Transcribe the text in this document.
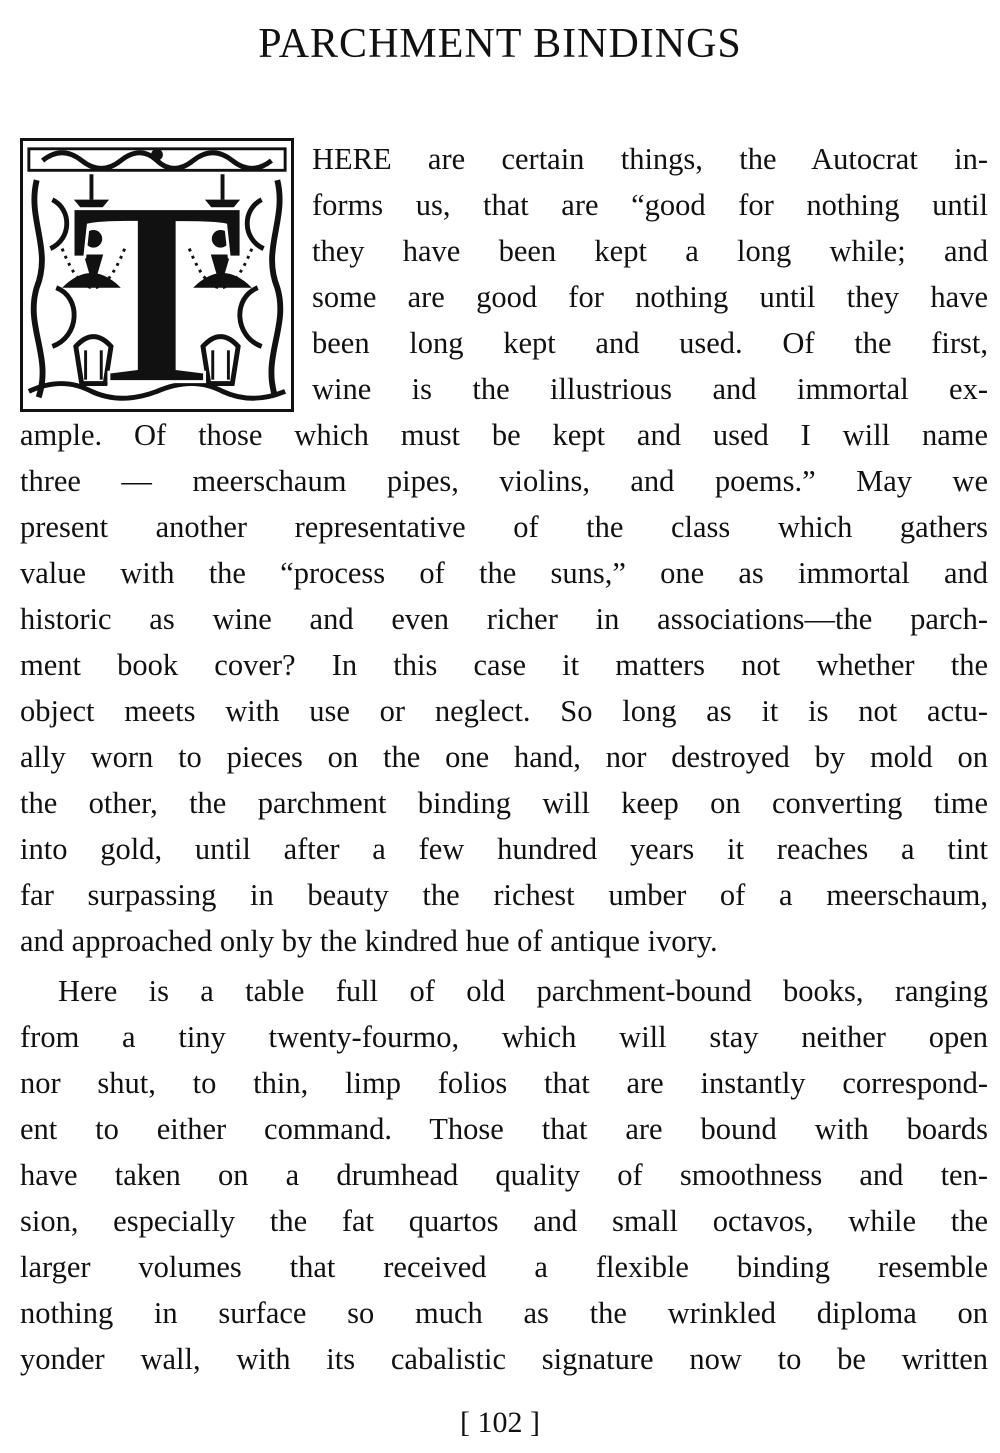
PARCHMENT BINDINGS
T HERE are certain things, the Autocrat in-
forms us, that are “good for nothing until
they have been kept a long while; and
some are good for nothing until they have
been long kept and used. Of the first,
wine is the illustrious and immortal ex-
ample. Of those which must be kept and used I will name
three — meerschaum pipes, violins, and poems.” May we
present another representative of the class which gathers
value with the “process of the suns,” one as immortal and
historic as wine and even richer in associations—the parch-
ment book cover? In this case it matters not whether the
object meets with use or neglect. So long as it is not actu-
ally worn to pieces on the one hand, nor destroyed by mold on
the other, the parchment binding will keep on converting time
into gold, until after a few hundred years it reaches a tint
far surpassing in beauty the richest umber of a meerschaum,
and approached only by the kindred hue of antique ivory.
Here is a table full of old parchment-bound books, ranging
from a tiny twenty-fourmo, which will stay neither open
nor shut, to thin, limp folios that are instantly correspond-
ent to either command. Those that are bound with boards
have taken on a drumhead quality of smoothness and ten-
sion, especially the fat quartos and small octavos, while the
larger volumes that received a flexible binding resemble
nothing in surface so much as the wrinkled diploma on
yonder wall, with its cabalistic signature now to be written
[ 102 ]
